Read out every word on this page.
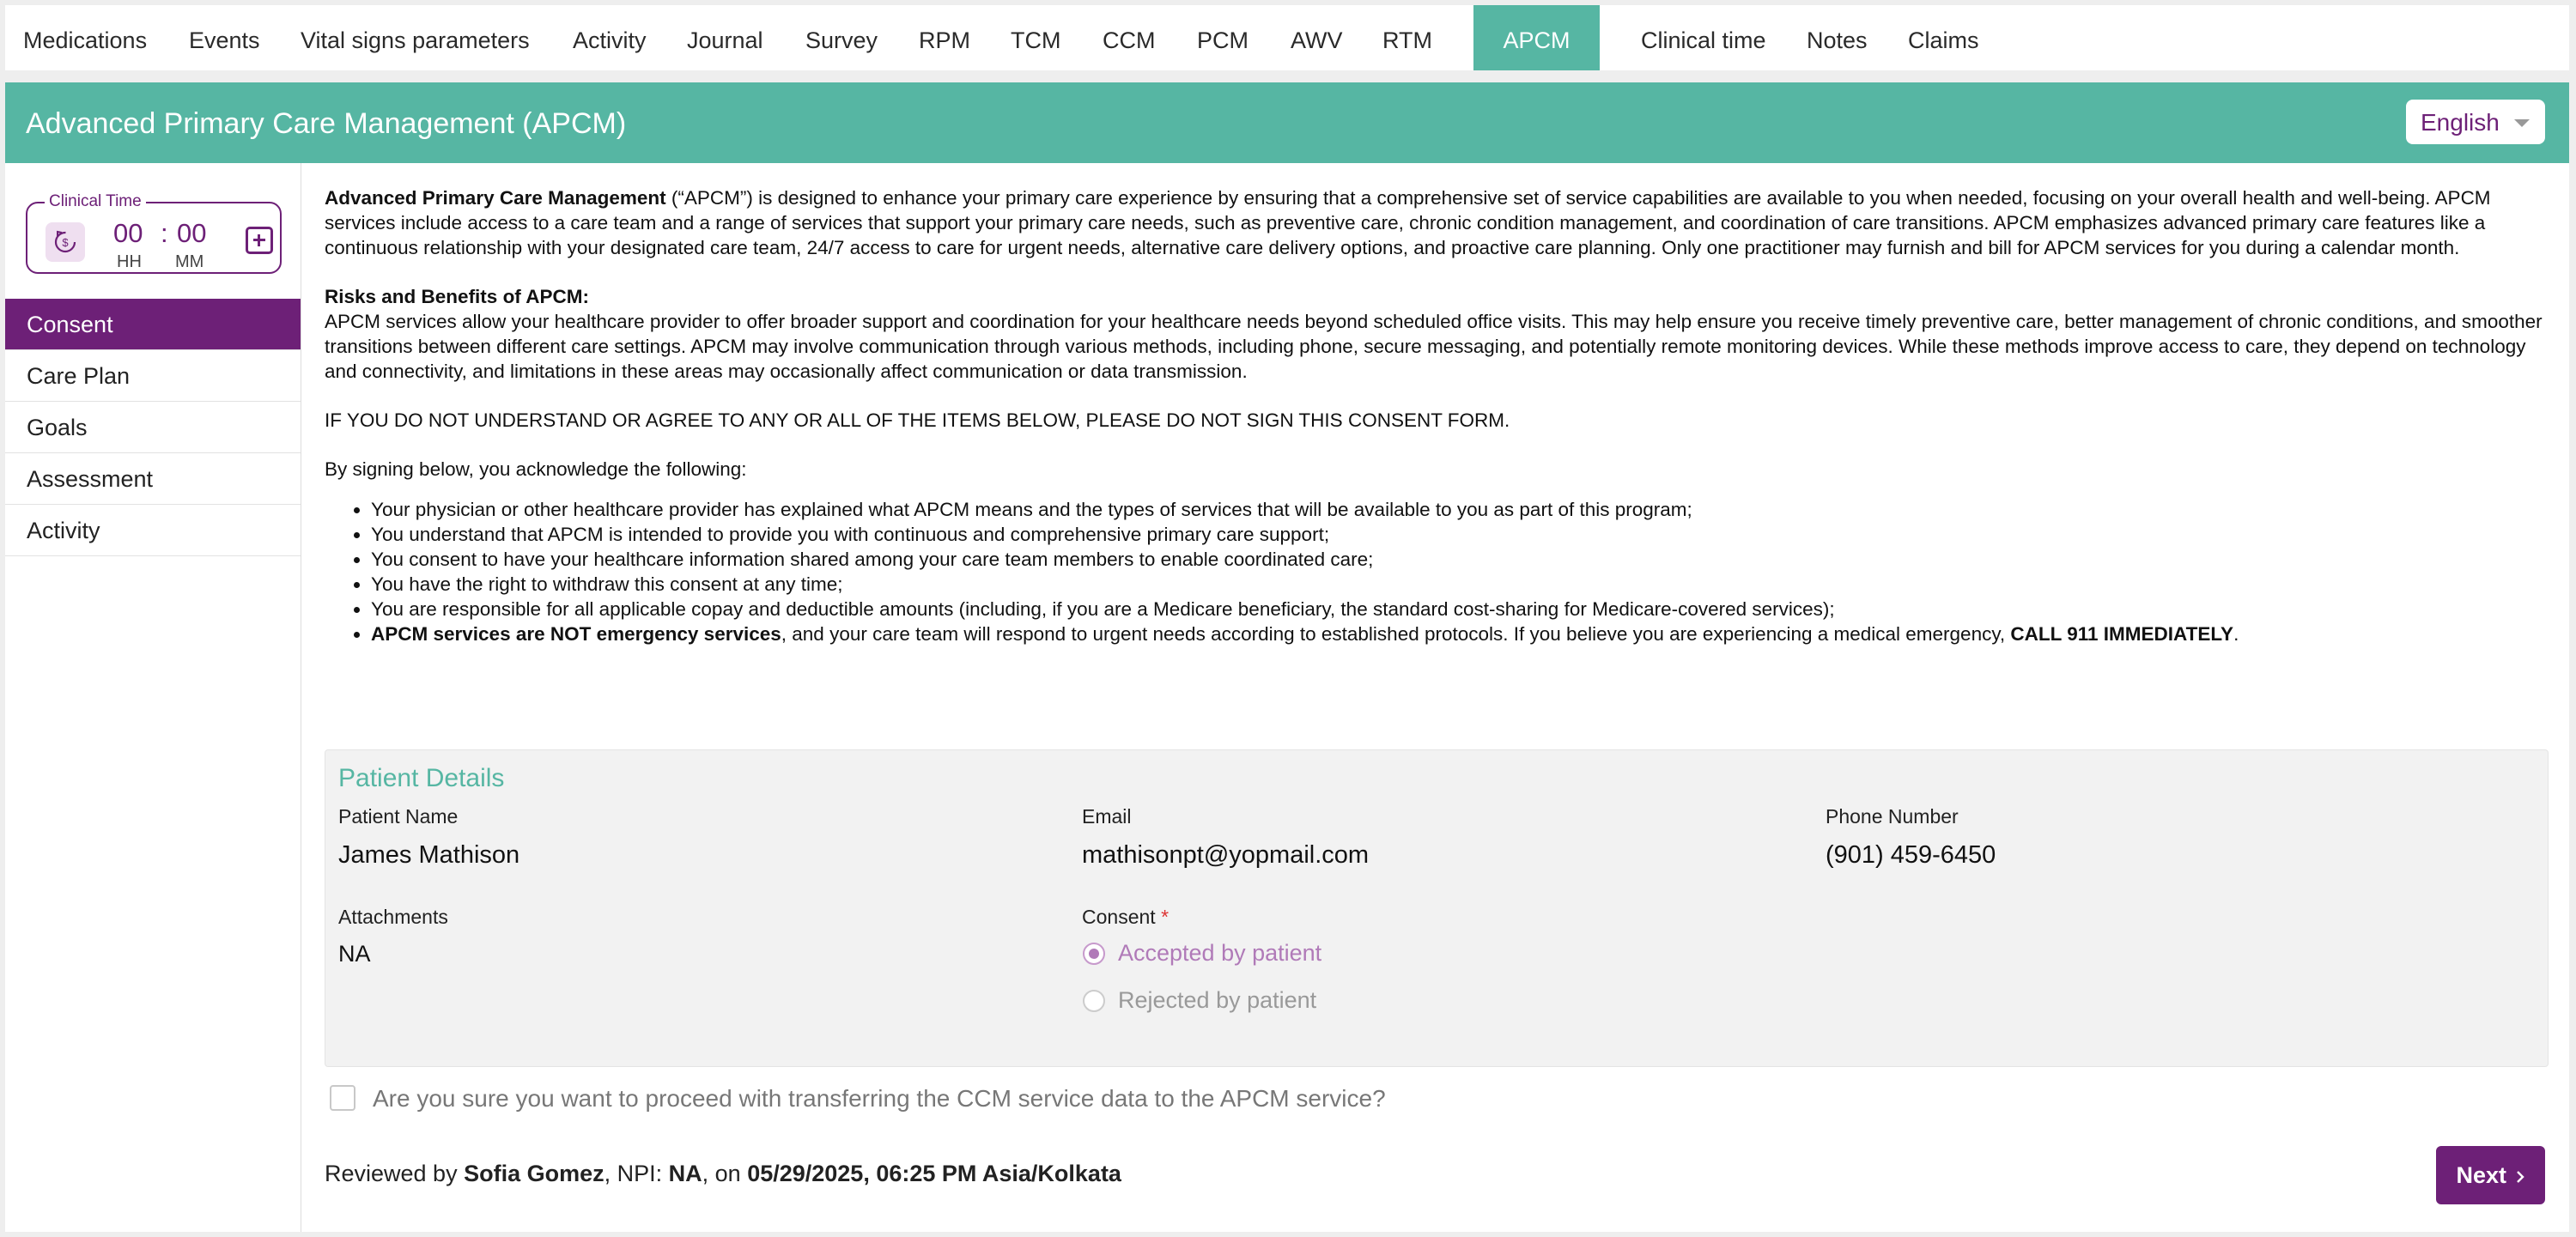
Medications Events Vital signs parameters Activity Journal Survey RPM TCM CCM PCM AWV RTM	APCM	Clinical time Notes Claims
Advanced Primary Care Management (APCM)	English
Clinical Time
$ 00 : 00
HH MM
Consent
Care Plan
Goals
Assessment
Activity

Advanced Primary Care Management (“APCM”) is designed to enhance your primary care experience by ensuring that a comprehensive set of service capabilities are available to you when needed, focusing on your overall health and well-being. APCM services include access to a care team and a range of services that support your primary care needs, such as preventive care, chronic condition management, and coordination of care transitions. APCM emphasizes advanced primary care features like a continuous relationship with your designated care team, 24/7 access to care for urgent needs, alternative care delivery options, and proactive care planning. Only one practitioner may furnish and bill for APCM services for you during a calendar month.

Risks and Benefits of APCM:

APCM services allow your healthcare provider to offer broader support and coordination for your healthcare needs beyond scheduled office visits. This may help ensure you receive timely preventive care, better management of chronic conditions, and smoother transitions between different care settings. APCM may involve communication through various methods, including phone, secure messaging, and potentially remote monitoring devices. While these methods improve access to care, they depend on technology and connectivity, and limitations in these areas may occasionally affect communication or data transmission.

IF YOU DO NOT UNDERSTAND OR AGREE TO ANY OR ALL OF THE ITEMS BELOW, PLEASE DO NOT SIGN THIS CONSENT FORM.

By signing below, you acknowledge the following:

• Your physician or other healthcare provider has explained what APCM means and the types of services that will be available to you as part of this program;
• You understand that APCM is intended to provide you with continuous and comprehensive primary care support;
• You consent to have your healthcare information shared among your care team members to enable coordinated care;
• You have the right to withdraw this consent at any time;
• You are responsible for all applicable copay and deductible amounts (including, if you are a Medicare beneficiary, the standard cost-sharing for Medicare-covered services);
• APCM services are NOT emergency services, and your care team will respond to urgent needs according to established protocols. If you believe you are experiencing a medical emergency, CALL 911 IMMEDIATELY.
Patient Details
Patient Name
James Mathison
Email
mathisonpt@yopmail.com
Phone Number
(901) 459-6450
Attachments
NA
Consent *
Accepted by patient
Rejected by patient
Are you sure you want to proceed with transferring the CCM service data to the APCM service?
Reviewed by Sofia Gomez, NPI: NA, on 05/29/2025, 06:25 PM Asia/Kolkata	Next
